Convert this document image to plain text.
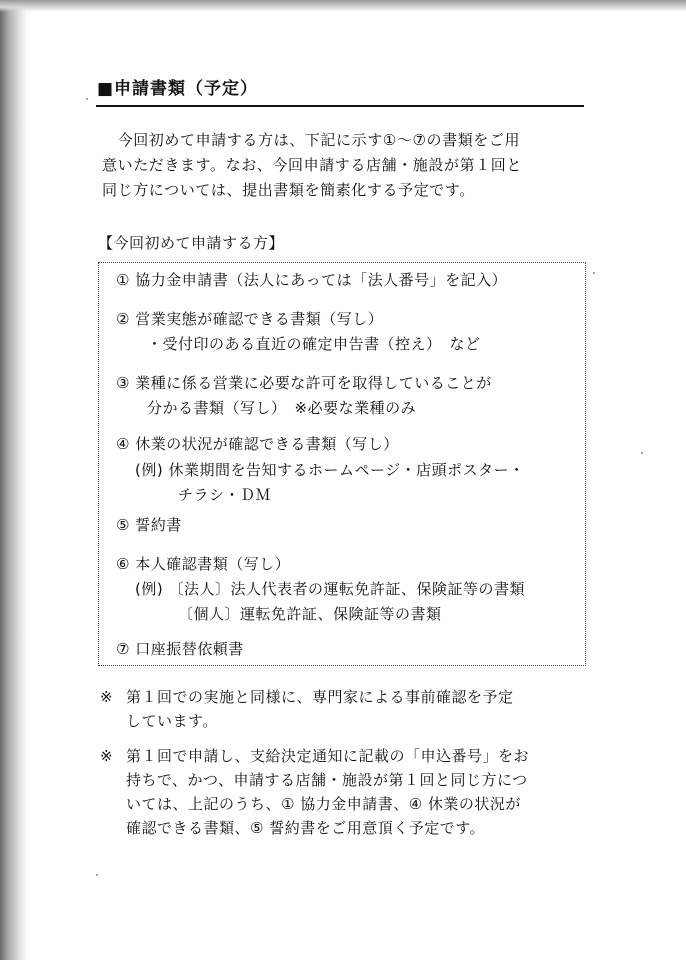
■申請書類（予定）
　今回初めて申請する方は、下記に示す①～⑦の書類をご用
意いただきます。なお、今回申請する店舗・施設が第１回と
同じ方については、提出書類を簡素化する予定です。
【今回初めて申請する方】
① 協力金申請書（法人にあっては「法人番号」を記入）
② 営業実態が確認できる書類（写し）
・受付印のある直近の確定申告書（控え）　など
③ 業種に係る営業に必要な許可を取得していることが
分かる書類（写し）　※必要な業種のみ
④ 休業の状況が確認できる書類（写し）
(例) 休業期間を告知するホームページ・店頭ポスター・
チラシ・ＤＭ
⑤ 誓約書
⑥ 本人確認書類（写し）
(例) 〔法人〕法人代表者の運転免許証、保険証等の書類
〔個人〕運転免許証、保険証等の書類
⑦ 口座振替依頼書
※ 第１回での実施と同様に、専門家による事前確認を予定
しています。
※ 第１回で申請し、支給決定通知に記載の「申込番号」をお
持ちで、かつ、申請する店舗・施設が第１回と同じ方につ
いては、上記のうち、① 協力金申請書、④ 休業の状況が
確認できる書類、⑤ 誓約書をご用意頂く予定です。
